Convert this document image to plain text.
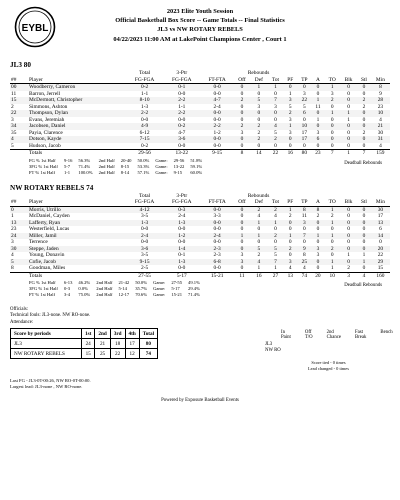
EYBL
2023 Elite Youth Session
Official Basketball Box Score -- Game Totals -- Final Statistics
JL3 vs NW ROTARY REBELS
04/22/2023 11:00 AM at LakePoint Champions Center , Court 1
JL3 80
		Total	3-Ptr		Rebounds									
##	Player	FG-FGA	FG-FGA	FT-FTA	Off	Def	Tot	PF	TP	A	TO	Blk	Stl	Min
00	Woodberry, Cameron	0-2	0-1	0-0	0	1	1	0	0	0	1	0	0	8
11	Barron, Jerrell	1-1	0-0	0-0	0	0	0	1	3	0	3	0	0	9
15	McDermott, Christopher	8-10	2-2	4-7	2	5	7	3	22	1	2	0	2	28
2	Simmons, Ashton	1-3	1-1	2-4	0	3	3	5	5	11	0	0	2	23
22	Thompson, Dylan	2-2	2-2	0-0	0	0	0	2	6	0	1	1	0	10
3	Evans, Jeremiah	0-0	0-0	0-0	0	0	0	3	0	1	0	1	0	4
34	Jacobsen, Daniel	4-9	0-2	2-2	2	2	4	1	10	0	0	0	0	21
35	Payia, Clarence	6-12	4-7	1-2	3	2	5	3	17	3	0	0	2	30
4	Dotson, Kayde	7-15	3-6	0-0	0	2	2	0	17	6	0	0	0	31
5	Hudson, Jacob	0-2	0-0	0-0	0	0	0	0	0	0	0	0	0	4
	Totals	29-56	13-22	9-15	8	14	22	16	80	23	7	1	7	159
FG % 1st Half	9-16	56.3%	2nd Half	20-40	50.0%	Game:	29-56	51.8%
3FG % 1st Half	5-7	71.4%	2nd Half	8-15	53.3%	Game:	13-22	59.1%
FT % 1st Half	1-1	100.0%	2nd Half	8-14	57.1%	Game:	9-15	60.0%
Deadball Rebounds
NW ROTARY REBELS 74
		Total	3-Ptr		Rebounds									
##	Player	FG-FGA	FG-FGA	FT-FTA	Off	Def	Tot	PF	TP	A	TO	Blk	Stl	Min
0	Morris, Utrillo	4-12	0-3	0-0	0	2	2	1	8	8	1	0	0	30
1	McDaniel, Cayden	3-5	2-4	3-3	0	4	4	2	11	2	2	0	0	17
13	Lafferty, Ryan	1-3	1-3	0-0	0	1	1	0	3	0	1	0	0	13
23	Westerfield, Lucas	0-0	0-0	0-0	0	0	0	0	0	0	0	0	0	6
24	Miller, Jamil	2-4	1-2	2-4	1	1	2	1	7	1	1	0	0	14
3	Terrence	0-0	0-0	0-0	0	0	0	0	0	0	0	0	0	0
30	Steppe, Jaden	3-6	1-4	2-3	0	5	5	2	9	3	2	0	0	20
4	Young, Donavin	3-5	0-1	2-3	3	2	5	0	8	3	0	1	1	22
5	Cofie, Jacob	9-15	1-3	6-8	3	4	7	3	25	0	1	0	1	29
8	Goodman, Miles	2-5	0-0	0-0	0	1	1	4	4	0	1	2	0	15
	Totals	27-55	5-17	15-21	11	16	27	13	74	20	10	3	4	160
FG % 1st Half	6-13	46.2%	2nd Half	21-42	50.0%	Game:	27-55	49.1%
3FG % 1st Half	0-3	0.0%	2nd Half	5-14	35.7%	Game:	5-17	29.4%
FT % 1st Half	3-4	75.0%	2nd Half	12-17	70.6%	Game:	15-21	71.4%
Deadball Rebounds
Officials:
Technical fouls: JL3-none. NW RO-none.
Attendance:
Score by periods	1st	2nd	3rd	4th	Total
JL3	24	21	18	17	80
NW ROTARY REBELS	15	25	22	12	74
In Paint
Off T/O
2nd Chance
Fast Break
Bench
JL3
NW RO
Score tied - 0 times
Lead changed - 0 times
Last FG - JL3-0T-00:26, NW RO-0T-00:00.
Largest lead: JL3-none , NW RO-none.
Powered by Exposure Basketball Events
